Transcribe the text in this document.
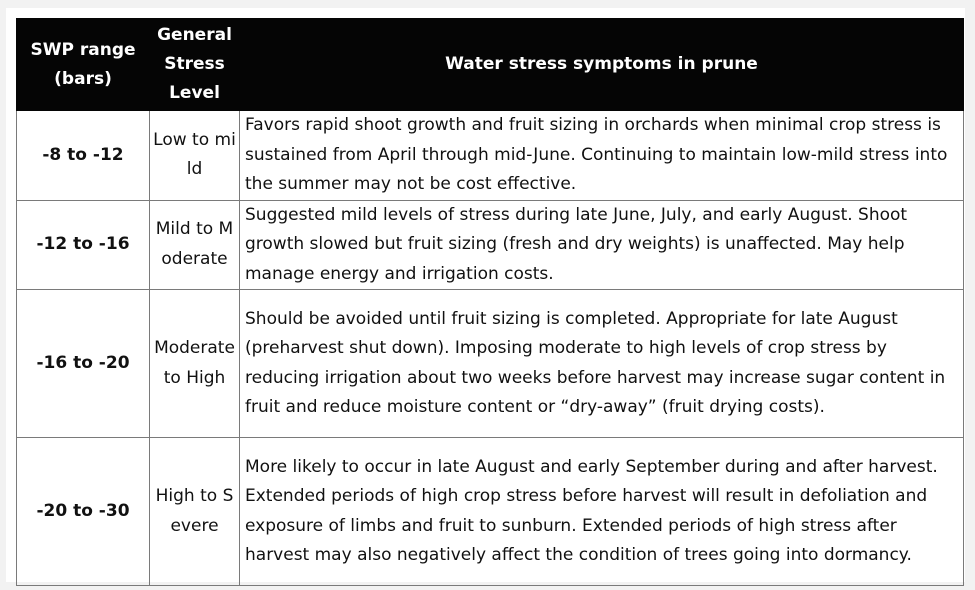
SWP range (bars)	General Stress Level	Water stress symptoms in prune
-8 to -12	Low to mild	Favors rapid shoot growth and fruit sizing in orchards when minimal crop stress is sustained from April through mid-June. Continuing to maintain low-mild stress into the summer may not be cost effective.
-12 to -16	Mild to Moderate	Suggested mild levels of stress during late June, July, and early August. Shoot growth slowed but fruit sizing (fresh and dry weights) is unaffected. May help manage energy and irrigation costs.
-16 to -20	Moderate to High	Should be avoided until fruit sizing is completed. Appropriate for late August (preharvest shut down). Imposing moderate to high levels of crop stress by reducing irrigation about two weeks before harvest may increase sugar content in fruit and reduce moisture content or “dry-away” (fruit drying costs).
-20 to -30	High to Severe	More likely to occur in late August and early September during and after harvest. Extended periods of high crop stress before harvest will result in defoliation and exposure of limbs and fruit to sunburn. Extended periods of high stress after harvest may also negatively affect the condition of trees going into dormancy.
